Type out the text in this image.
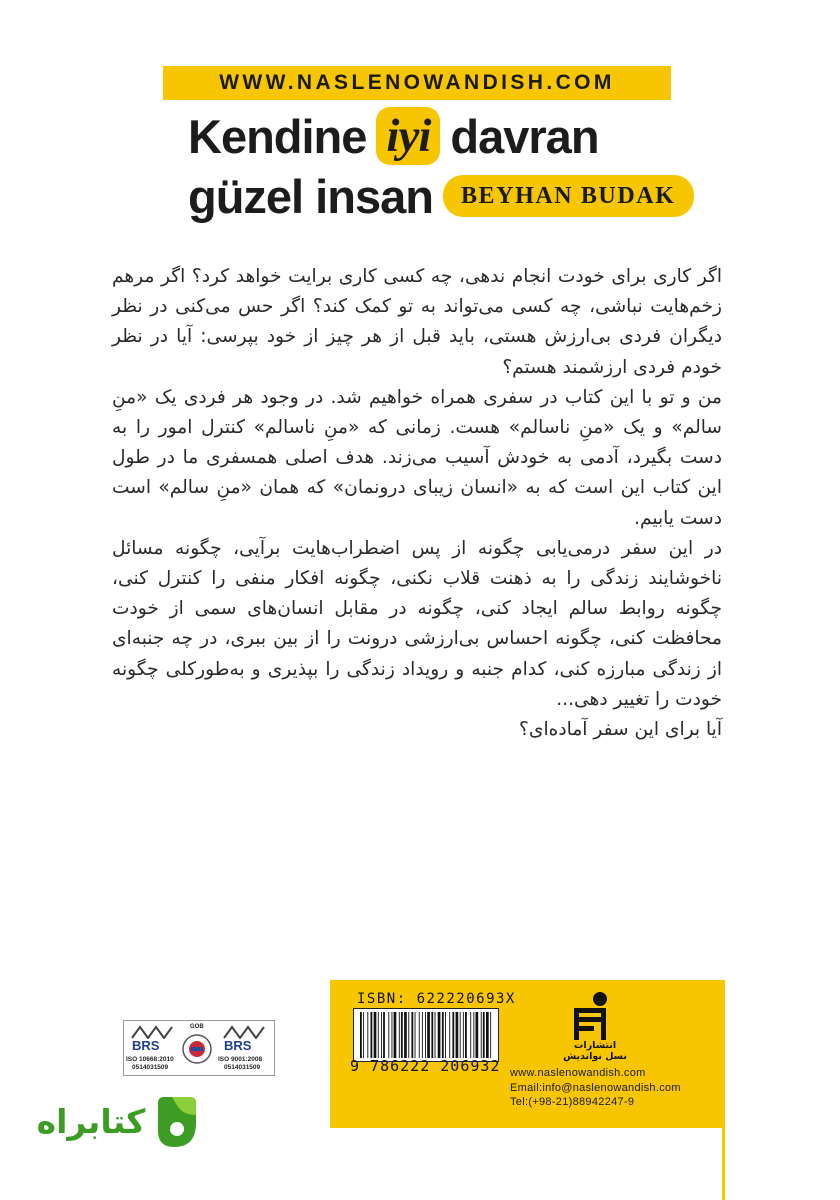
WWW.NASLENOWANDISH.COM
Kendine iyi davran
güzel insan	BEYHAN BUDAK

اگر کاری برای خودت انجام ندهی، چه کسی کاری برایت خواهد کرد؟ اگر مرهم زخم‌هایت نباشی، چه کسی می‌تواند به تو کمک کند؟ اگر حس می‌کنی در نظر دیگران فردی بی‌ارزش هستی، باید قبل از هر چیز از خود بپرسی: آیا در نظر خودم فردی ارزشمند هستم؟

من و تو با این کتاب در سفری همراه خواهیم شد. در وجود هر فردی یک «منِ سالم» و یک «منِ ناسالم» هست. زمانی که «منِ ناسالم» کنترل امور را به دست بگیرد، آدمی به خودش آسیب می‌زند. هدف اصلی همسفری ما در طول این کتاب این است که به «انسان زیبای درونمان» که همان «منِ سالم» است دست یابیم.

در این سفر درمی‌یابی چگونه از پس اضطراب‌هایت برآیی، چگونه مسائل ناخوشایند زندگی را به ذهنت قلاب نکنی، چگونه افکار منفی را کنترل کنی، چگونه روابط سالم ایجاد کنی، چگونه در مقابل انسان‌های سمی از خودت محافظت کنی، چگونه احساس بی‌ارزشی درونت را از بین ببری، در چه جنبه‌ای از زندگی مبارزه کنی، کدام جنبه و رویداد زندگی را بپذیری و به‌طورکلی چگونه خودت را تغییر دهی...

آیا برای این سفر آماده‌ای؟

BRS
ISO 10668:2010
0514031509
GOB
BRS
ISO 9001:2008
0514031509
ISBN: 622220693X
9 786222 206932
انتشارات
نسل نواندیش
www.naslenowandish.com
Email:info@naslenowandish.com
Tel:(+98-21)88942247-9
کتابراه
